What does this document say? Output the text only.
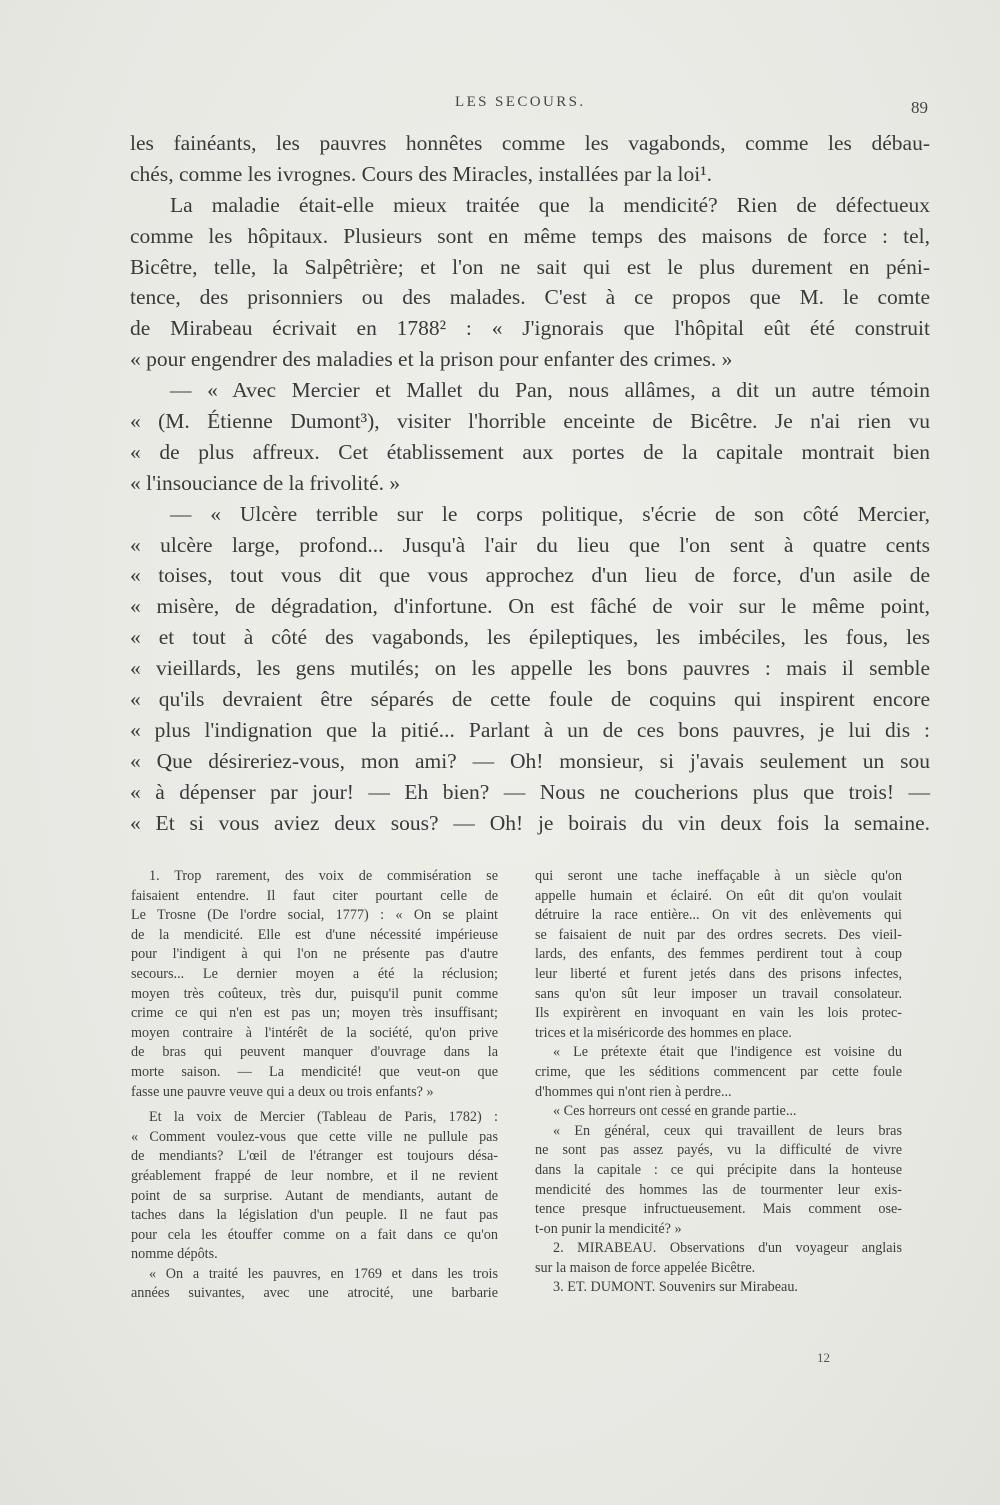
LES SECOURS.	89
les fainéants, les pauvres honnêtes comme les vagabonds, comme les débau-
chés, comme les ivrognes. Cours des Miracles, installées par la loi¹.
La maladie était-elle mieux traitée que la mendicité? Rien de défectueux
comme les hôpitaux. Plusieurs sont en même temps des maisons de force : tel,
Bicêtre, telle, la Salpêtrière; et l'on ne sait qui est le plus durement en péni-
tence, des prisonniers ou des malades. C'est à ce propos que M. le comte
de Mirabeau écrivait en 1788² : « J'ignorais que l'hôpital eût été construit
« pour engendrer des maladies et la prison pour enfanter des crimes. »
— « Avec Mercier et Mallet du Pan, nous allâmes, a dit un autre témoin
« (M. Étienne Dumont³), visiter l'horrible enceinte de Bicêtre. Je n'ai rien vu
« de plus affreux. Cet établissement aux portes de la capitale montrait bien
« l'insouciance de la frivolité. »
— « Ulcère terrible sur le corps politique, s'écrie de son côté Mercier,
« ulcère large, profond... Jusqu'à l'air du lieu que l'on sent à quatre cents
« toises, tout vous dit que vous approchez d'un lieu de force, d'un asile de
« misère, de dégradation, d'infortune. On est fâché de voir sur le même point,
« et tout à côté des vagabonds, les épileptiques, les imbéciles, les fous, les
« vieillards, les gens mutilés; on les appelle les bons pauvres : mais il semble
« qu'ils devraient être séparés de cette foule de coquins qui inspirent encore
« plus l'indignation que la pitié... Parlant à un de ces bons pauvres, je lui dis :
« Que désireriez-vous, mon ami? — Oh! monsieur, si j'avais seulement un sou
« à dépenser par jour! — Eh bien? — Nous ne coucherions plus que trois! —
« Et si vous aviez deux sous? — Oh! je boirais du vin deux fois la semaine.
1. Trop rarement, des voix de commisération se
faisaient entendre. Il faut citer pourtant celle de
Le Trosne (De l'ordre social, 1777) : « On se plaint
de la mendicité. Elle est d'une nécessité impérieuse
pour l'indigent à qui l'on ne présente pas d'autre
secours... Le dernier moyen a été la réclusion;
moyen très coûteux, très dur, puisqu'il punit comme
crime ce qui n'en est pas un; moyen très insuffisant;
moyen contraire à l'intérêt de la société, qu'on prive
de bras qui peuvent manquer d'ouvrage dans la
morte saison. — La mendicité! que veut-on que
fasse une pauvre veuve qui a deux ou trois enfants? »
Et la voix de Mercier (Tableau de Paris, 1782) :
« Comment voulez-vous que cette ville ne pullule pas
de mendiants? L'œil de l'étranger est toujours désa-
gréablement frappé de leur nombre, et il ne revient
point de sa surprise. Autant de mendiants, autant de
taches dans la législation d'un peuple. Il ne faut pas
pour cela les étouffer comme on a fait dans ce qu'on
nomme dépôts.
« On a traité les pauvres, en 1769 et dans les trois
années suivantes, avec une atrocité, une barbarie
qui seront une tache ineffaçable à un siècle qu'on
appelle humain et éclairé. On eût dit qu'on voulait
détruire la race entière... On vit des enlèvements qui
se faisaient de nuit par des ordres secrets. Des vieil-
lards, des enfants, des femmes perdirent tout à coup
leur liberté et furent jetés dans des prisons infectes,
sans qu'on sût leur imposer un travail consolateur.
Ils expirèrent en invoquant en vain les lois protec-
trices et la miséricorde des hommes en place.
« Le prétexte était que l'indigence est voisine du
crime, que les séditions commencent par cette foule
d'hommes qui n'ont rien à perdre...
« Ces horreurs ont cessé en grande partie...
« En général, ceux qui travaillent de leurs bras
ne sont pas assez payés, vu la difficulté de vivre
dans la capitale : ce qui précipite dans la honteuse
mendicité des hommes las de tourmenter leur exis-
tence presque infructueusement. Mais comment ose-
t-on punir la mendicité? »
2. MIRABEAU. Observations d'un voyageur anglais
sur la maison de force appelée Bicêtre.
3. ET. DUMONT. Souvenirs sur Mirabeau.
12
